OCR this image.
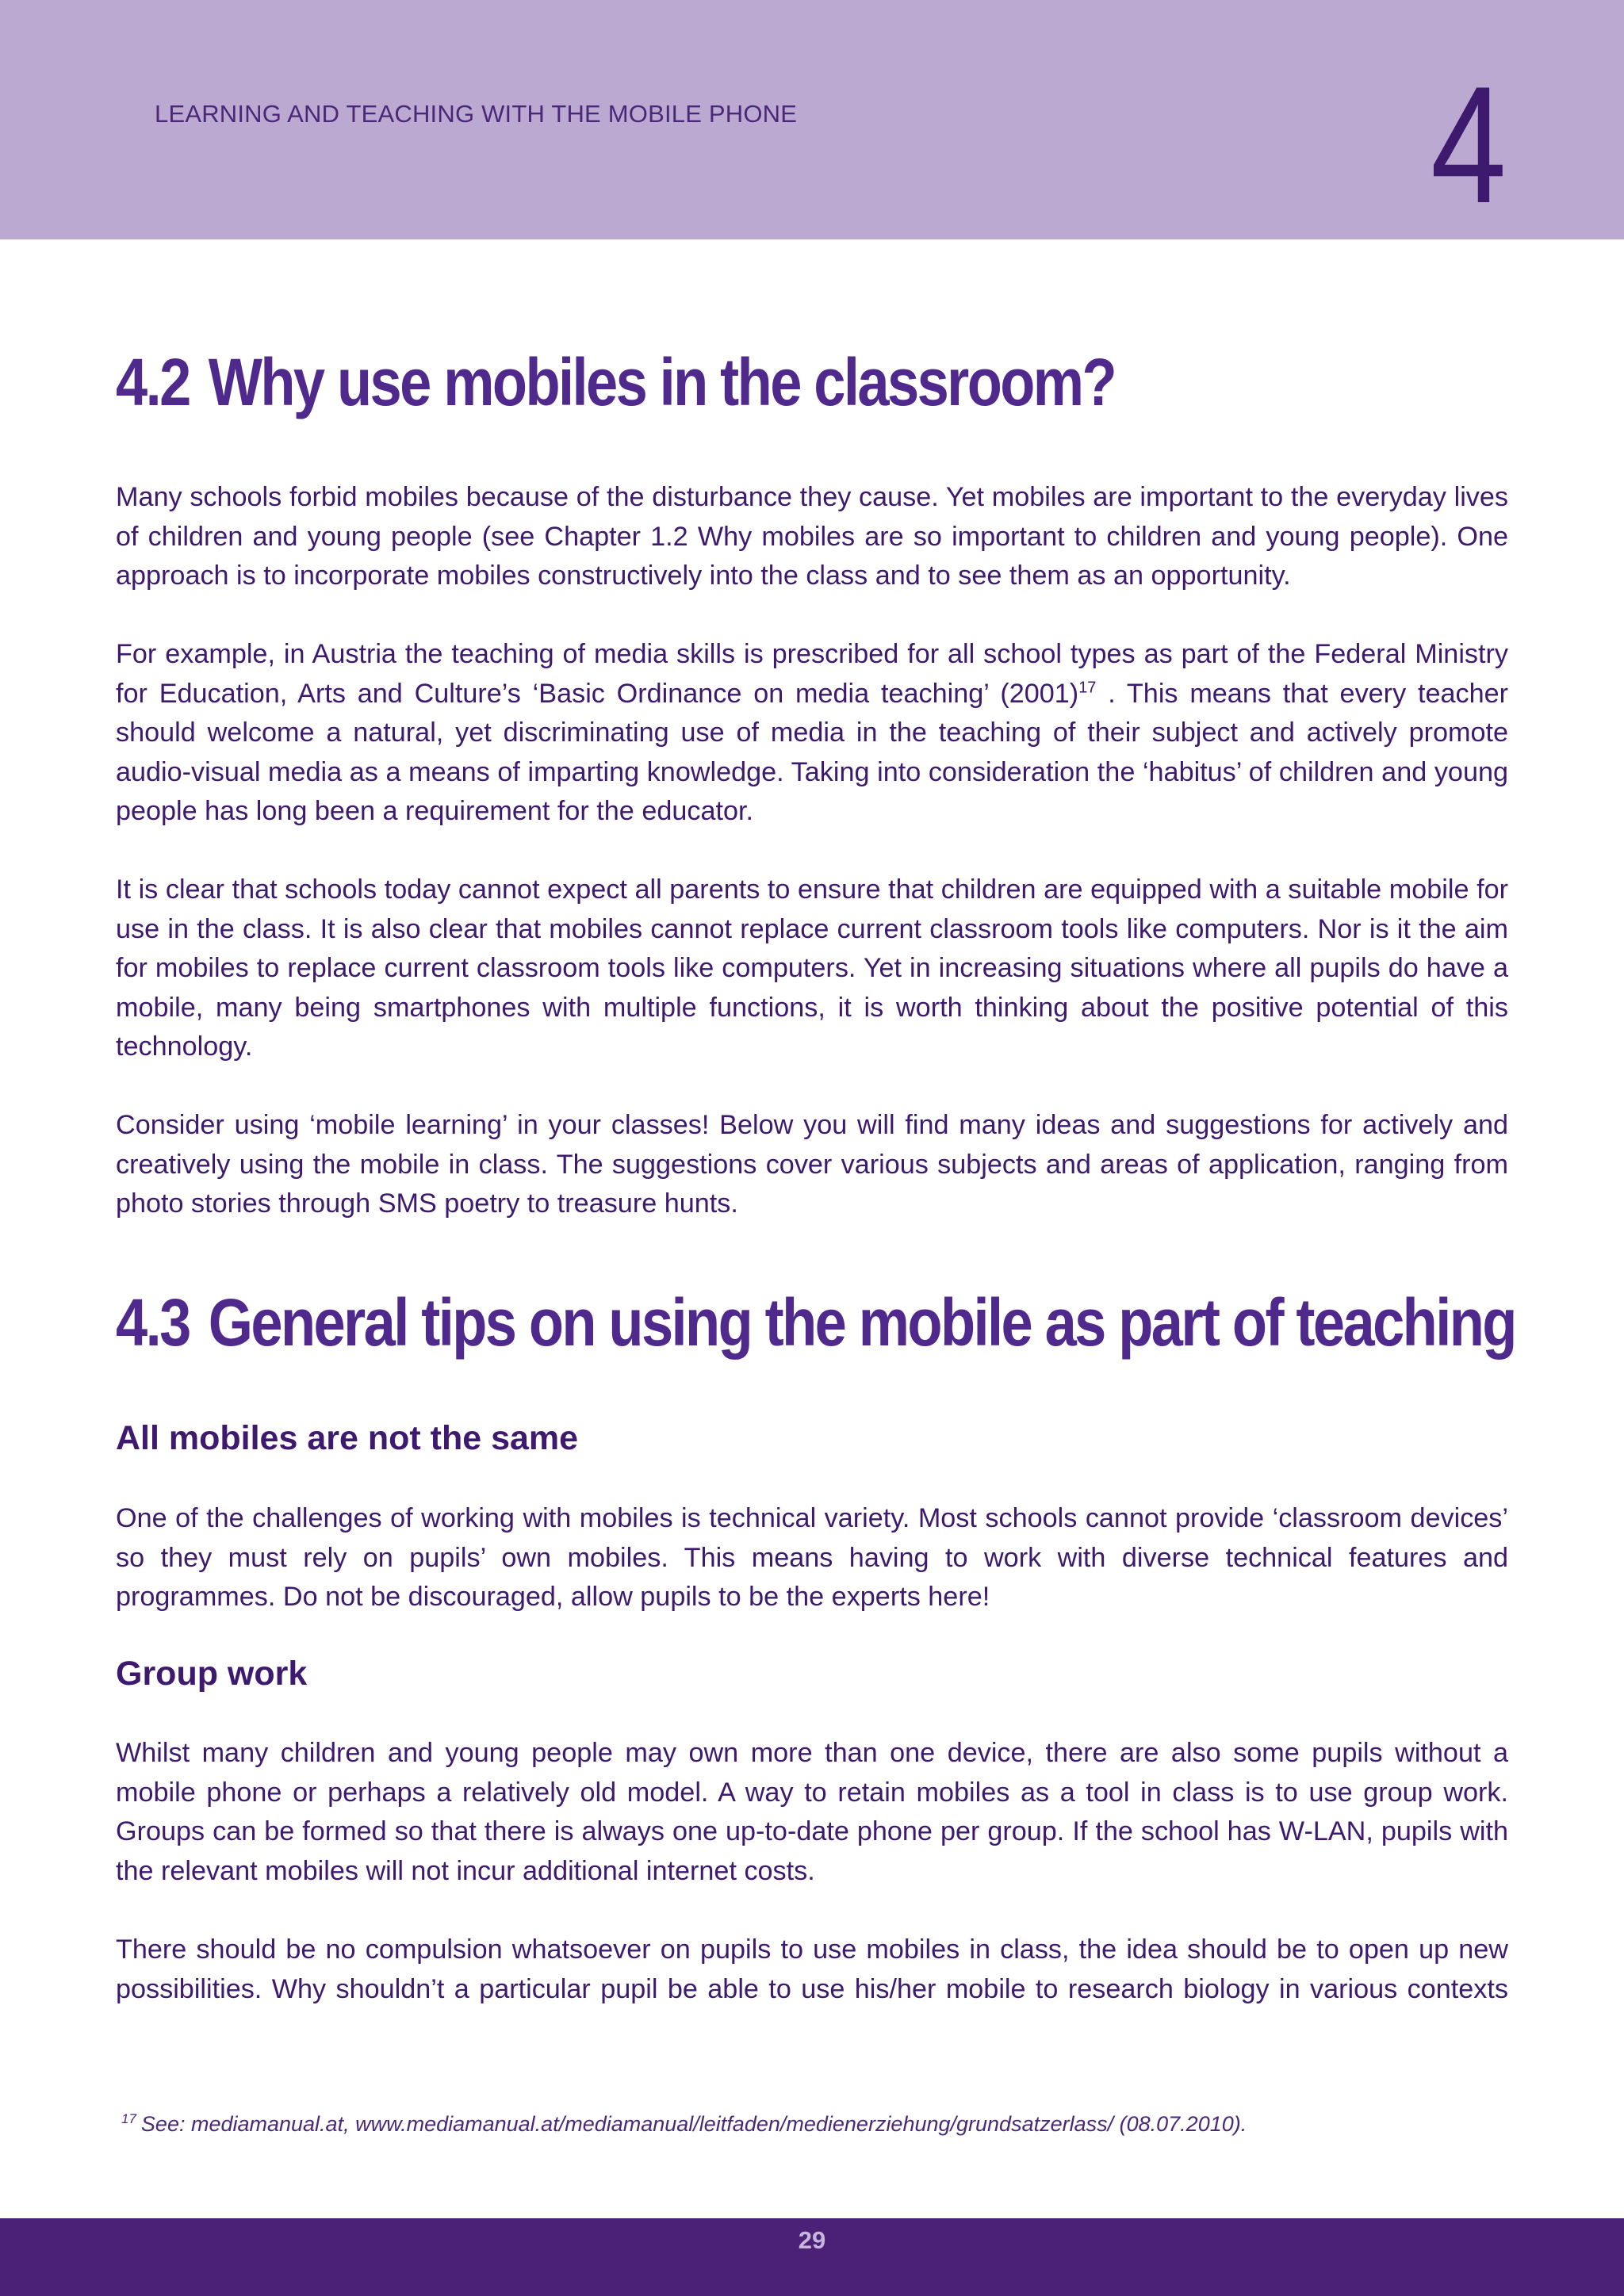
LEARNING AND TEACHING WITH THE MOBILE PHONE	4
4.2 Why use mobiles in the classroom?

Many schools forbid mobiles because of the disturbance they cause. Yet mobiles are important to the everyday lives of children and young people (see Chapter 1.2 Why mobiles are so important to children and young people). One approach is to incorporate mobiles constructively into the class and to see them as an opportunity.

For example, in Austria the teaching of media skills is prescribed for all school types as part of the Federal Ministry for Education, Arts and Culture’s ‘Basic Ordinance on media teaching’ $(2001)^{17}$ . This means that every teacher should welcome a natural, yet discriminating use of media in the teaching of their subject and actively promote audio-visual media as a means of imparting knowledge. Taking into consideration the ‘habitus’ of children and young people has long been a requirement for the educator.

It is clear that schools today cannot expect all parents to ensure that children are equipped with a suitable mobile for use in the class. It is also clear that mobiles cannot replace current classroom tools like computers. Nor is it the aim for mobiles to replace current classroom tools like computers. Yet in increasing situations where all pupils do have a mobile, many being smartphones with multiple functions, it is worth thinking about the positive potential of this technology.

Consider using ‘mobile learning’ in your classes! Below you will find many ideas and suggestions for actively and creatively using the mobile in class. The suggestions cover various subjects and areas of application, ranging from photo stories through SMS poetry to treasure hunts.

4.3 General tips on using the mobile as part of teaching
All mobiles are not the same

One of the challenges of working with mobiles is technical variety. Most schools cannot provide ‘classroom devices’ so they must rely on pupils’ own mobiles. This means having to work with diverse technical features and programmes. Do not be discouraged, allow pupils to be the experts here!

Group work

Whilst many children and young people may own more than one device, there are also some pupils without a mobile phone or perhaps a relatively old model. A way to retain mobiles as a tool in class is to use group work. Groups can be formed so that there is always one up-to-date phone per group. If the school has W-LAN, pupils with the relevant mobiles will not incur additional internet costs.

There should be no compulsion whatsoever on pupils to use mobiles in class, the idea should be to open up new possibilities. Why shouldn’t a particular pupil be able to use his/her mobile to research biology in various contexts

$^{17}$ See: mediamanual.at, www.mediamanual.at/mediamanual/leitfaden/medienerziehung/grundsatzerlass/ (08.07.2010).
29
